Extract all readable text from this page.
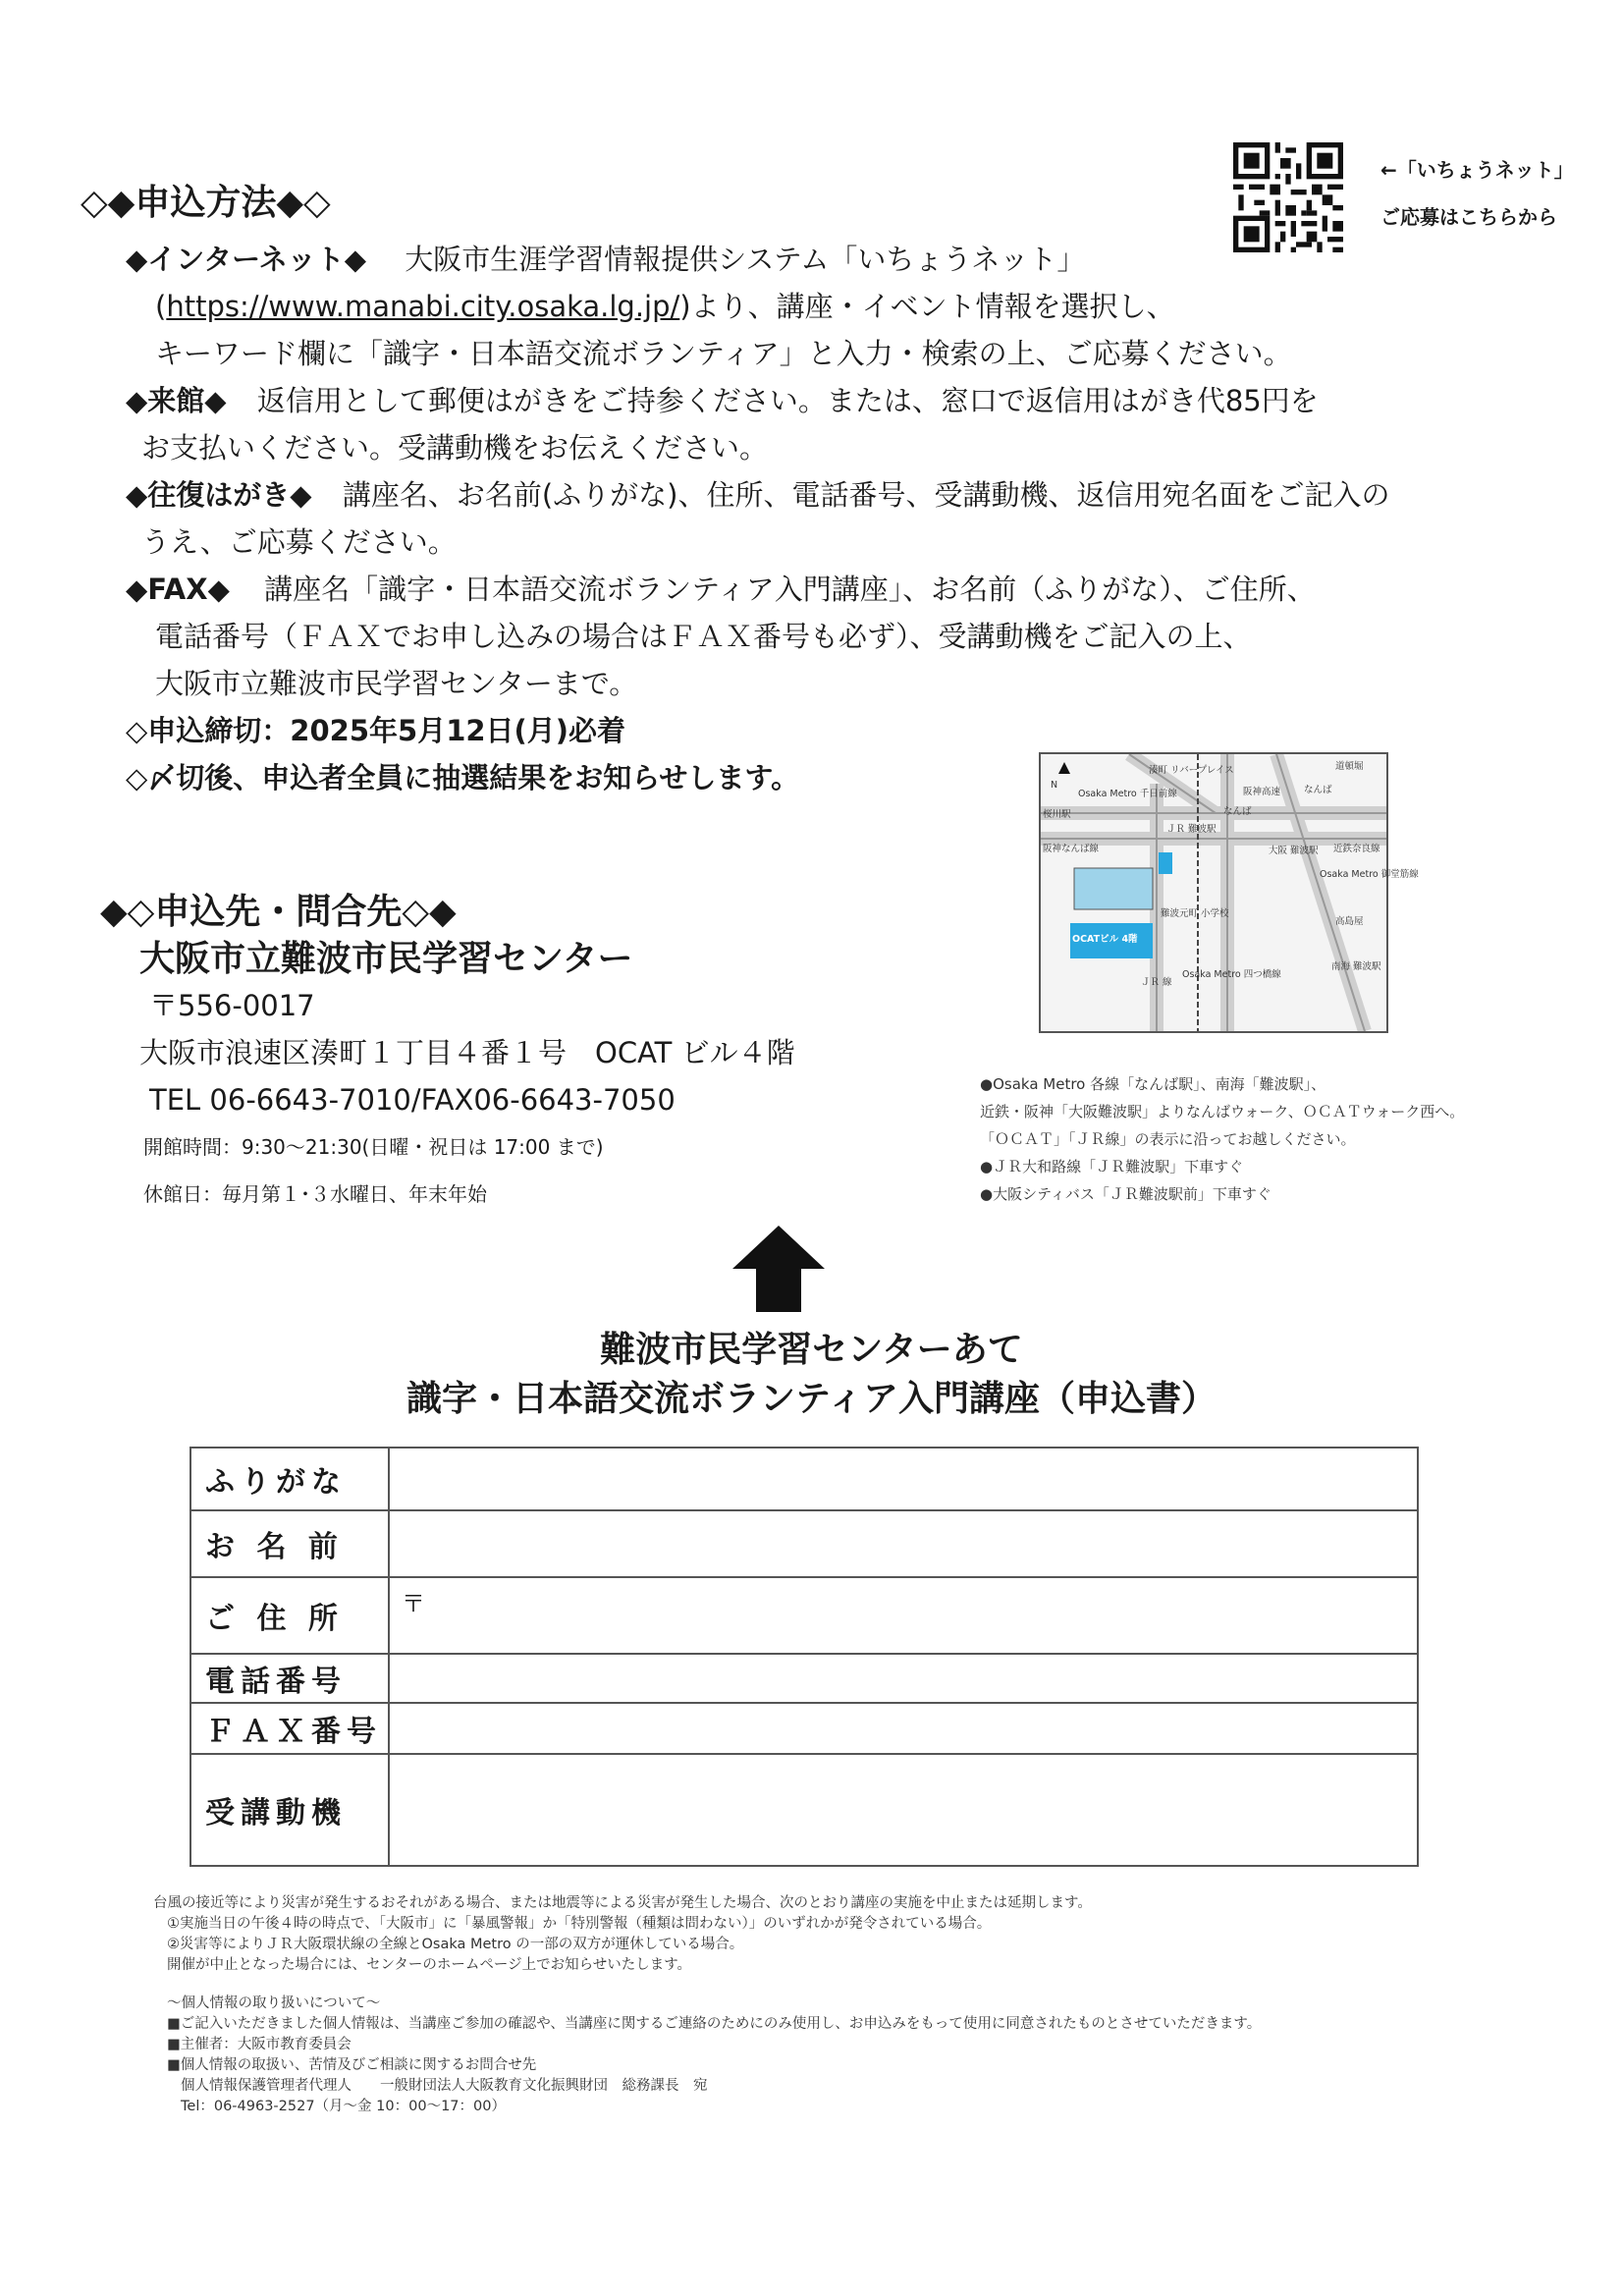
←「いちょうネット」
ご応募はこちらから
◇◆申込方法◆◇
◆インターネット◆ 大阪市生涯学習情報提供システム「いちょうネット」
(https://www.manabi.city.osaka.lg.jp/)より、講座・イベント情報を選択し、
キーワード欄に「識字・日本語交流ボランティア」と入力・検索の上、ご応募ください。
◆来館◆ 返信用として郵便はがきをご持参ください。または、窓口で返信用はがき代85円を
お支払いください。受講動機をお伝えください。
◆往復はがき◆ 講座名、お名前(ふりがな)、住所、電話番号、受講動機、返信用宛名面をご記入の
うえ、ご応募ください。
◆FAX◆ 講座名「識字・日本語交流ボランティア入門講座」、お名前（ふりがな）、ご住所、
電話番号（ＦＡＸでお申し込みの場合はＦＡＸ番号も必ず）、受講動機をご記入の上、
大阪市立難波市民学習センターまで。
◇申込締切：2025年5月12日(月)必着
◇〆切後、申込者全員に抽選結果をお知らせします。
◆◇申込先・問合先◇◆
大阪市立難波市民学習センター
〒556-0017
大阪市浪速区湊町１丁目４番１号　OCAT ビル４階
TEL 06-6643-7010/FAX06-6643-7050
開館時間：9:30～21:30(日曜・祝日は 17:00 まで)
休館日：毎月第１･３水曜日、年末年始
N
Osaka Metro 千日前線
湊町 リバープレイス
阪神高速
道頓堀
桜川駅	なんば
なんば
阪神なんば線	大阪 難波駅 近鉄奈良線
ＪＲ 難波駅
Osaka Metro 御堂筋線
難波元町 小学校
高島屋
OCATビル 4階
南海 難波駅
ＪＲ 線
Osaka Metro 四つ橋線
●Osaka Metro 各線「なんば駅」、南海「難波駅」、
近鉄・阪神「大阪難波駅」よりなんばウォーク、ＯＣＡＴウォーク西へ。
「ＯＣＡＴ」「ＪＲ線」の表示に沿ってお越しください。
●ＪＲ大和路線「ＪＲ難波駅」下車すぐ
●大阪シティバス「ＪＲ難波駅前」下車すぐ
難波市民学習センターあて
識字・日本語交流ボランティア入門講座（申込書）
ふりがな	
お 名 前	
ご 住 所	〒
電話番号	
ＦＡＸ番号	
受講動機	
台風の接近等により災害が発生するおそれがある場合、または地震等による災害が発生した場合、次のとおり講座の実施を中止または延期します。
①実施当日の午後４時の時点で、「大阪市」に「暴風警報」か「特別警報（種類は問わない）」のいずれかが発令されている場合。
②災害等によりＪＲ大阪環状線の全線とOsaka Metro の一部の双方が運休している場合。
開催が中止となった場合には、センターのホームページ上でお知らせいたします。
～個人情報の取り扱いについて～
■ご記入いただきました個人情報は、当講座ご参加の確認や、当講座に関するご連絡のためにのみ使用し、お申込みをもって使用に同意されたものとさせていただきます。
■主催者：大阪市教育委員会
■個人情報の取扱い、苦情及びご相談に関するお問合せ先
個人情報保護管理者代理人　　一般財団法人大阪教育文化振興財団　総務課長　宛
Tel：06-4963-2527（月～金 10：00～17：00）
